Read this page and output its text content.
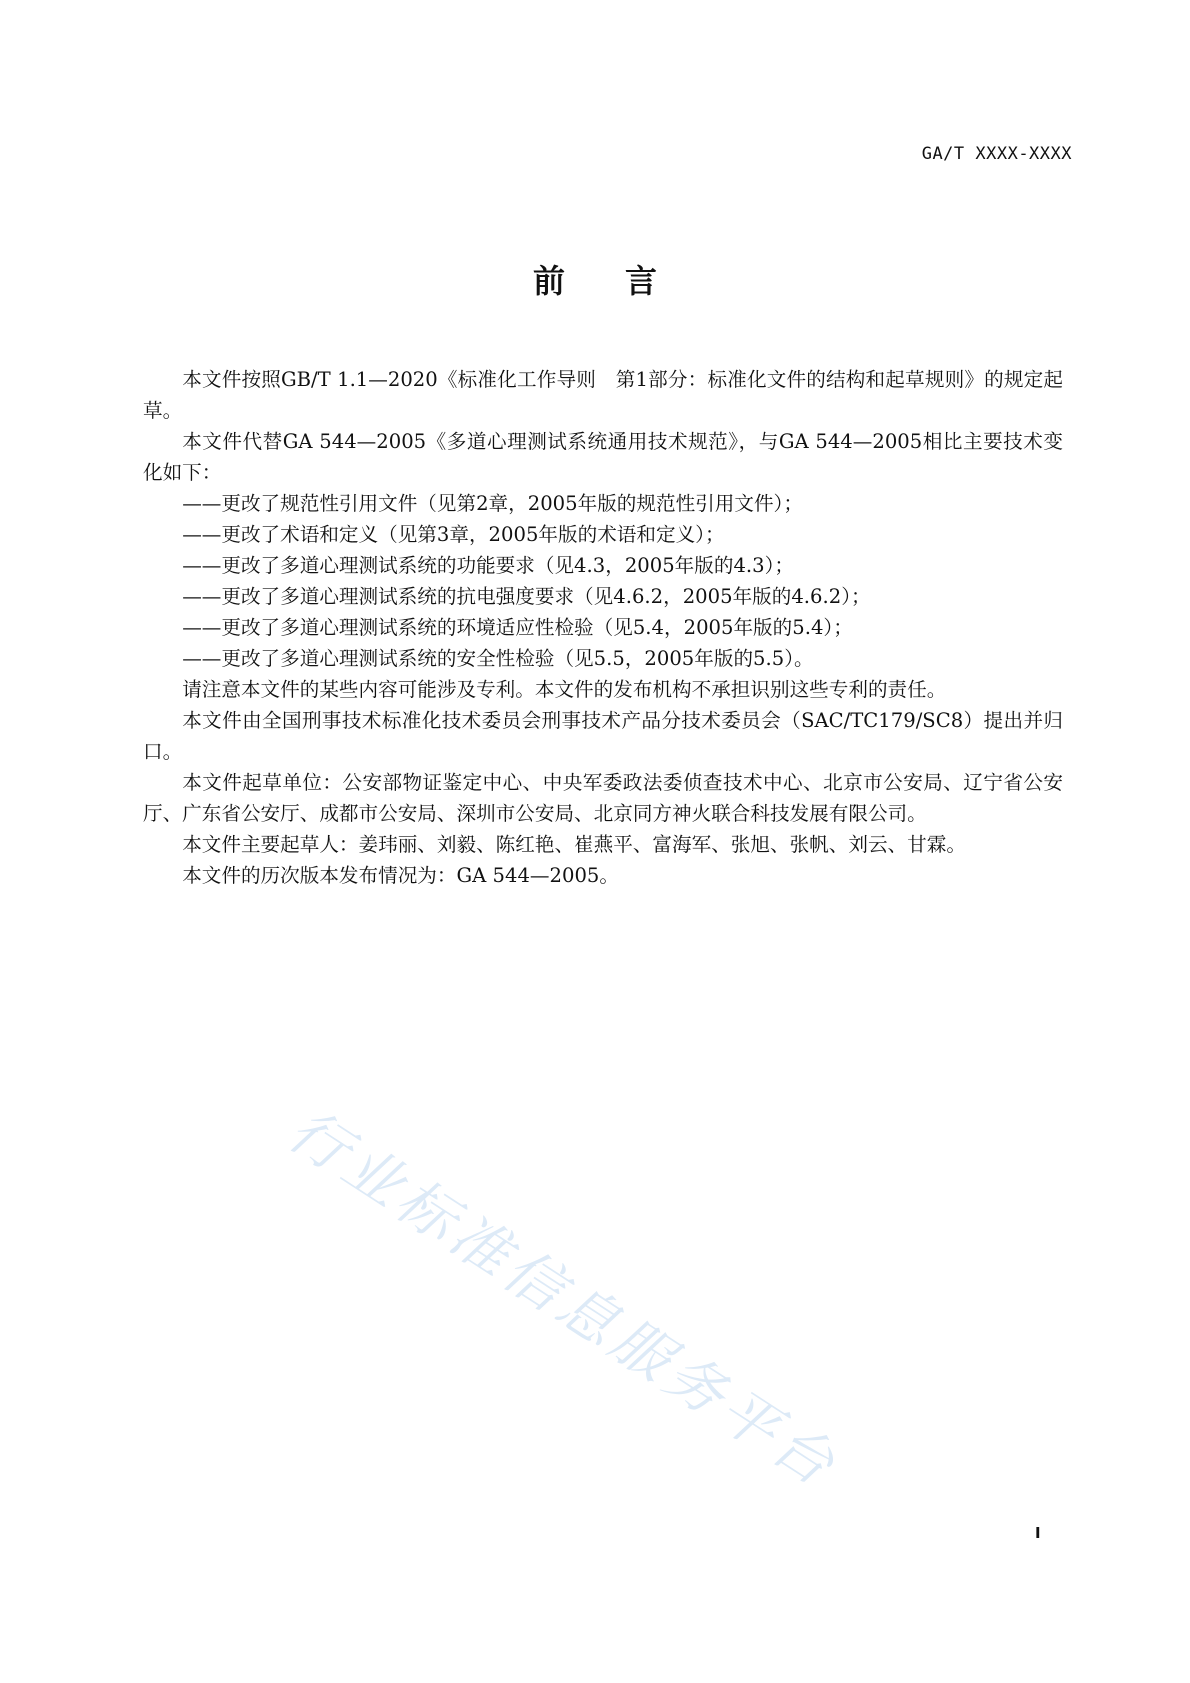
GA/T XXXX-XXXX
前言

本文件按照GB/T 1.1—2020《标准化工作导则　第1部分：标准化文件的结构和起草规则》的规定起草。

本文件代替GA 544—2005《多道心理测试系统通用技术规范》，与GA 544—2005相比主要技术变化如下：

——更改了规范性引用文件（见第2章，2005年版的规范性引用文件）；

——更改了术语和定义（见第3章，2005年版的术语和定义）；

——更改了多道心理测试系统的功能要求（见4.3，2005年版的4.3）；

——更改了多道心理测试系统的抗电强度要求（见4.6.2，2005年版的4.6.2）；

——更改了多道心理测试系统的环境适应性检验（见5.4，2005年版的5.4）；

——更改了多道心理测试系统的安全性检验（见5.5，2005年版的5.5）。

请注意本文件的某些内容可能涉及专利。本文件的发布机构不承担识别这些专利的责任。

本文件由全国刑事技术标准化技术委员会刑事技术产品分技术委员会（SAC/TC179/SC8）提出并归口。

本文件起草单位：公安部物证鉴定中心、中央军委政法委侦查技术中心、北京市公安局、辽宁省公安厅、广东省公安厅、成都市公安局、深圳市公安局、北京同方神火联合科技发展有限公司。

本文件主要起草人：姜玮丽、刘毅、陈红艳、崔燕平、富海军、张旭、张帆、刘云、甘霖。

本文件的历次版本发布情况为：GA 544—2005。

行业标准信息服务平台
I
